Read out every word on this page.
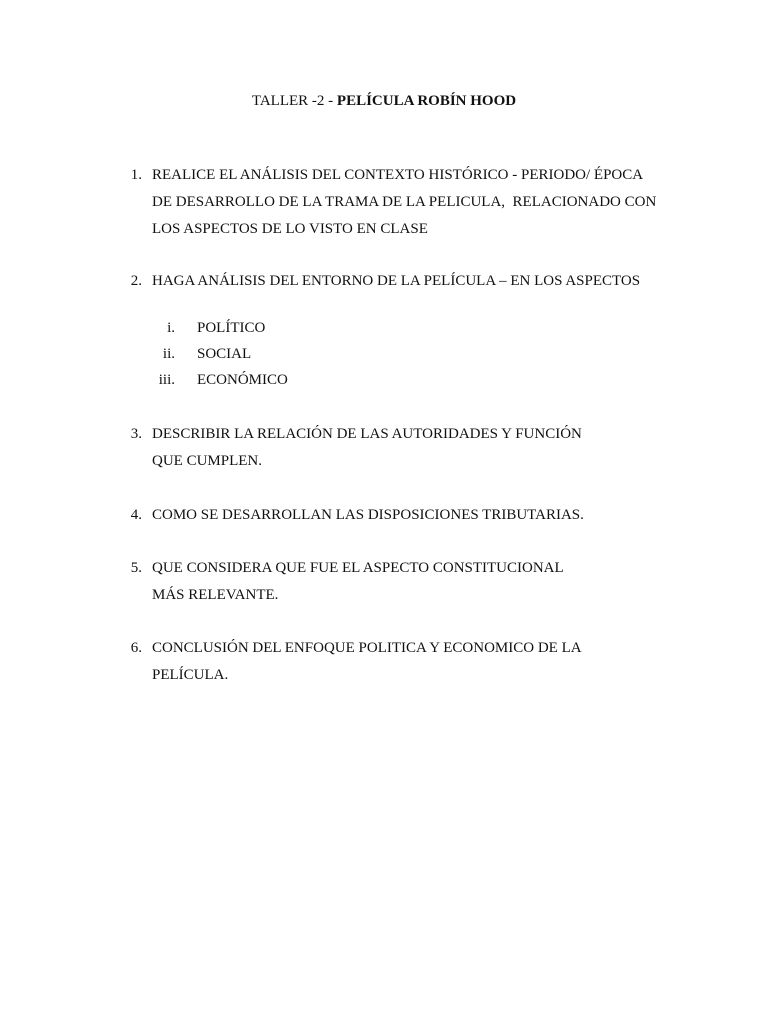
TALLER -2 - PELÍCULA ROBÍN HOOD
1. REALICE EL ANÁLISIS DEL CONTEXTO HISTÓRICO - PERIODO/ ÉPOCA
DE DESARROLLO DE LA TRAMA DE LA PELICULA,  RELACIONADO CON
LOS ASPECTOS DE LO VISTO EN CLASE
2. HAGA ANÁLISIS DEL ENTORNO DE LA PELÍCULA – EN LOS ASPECTOS
i. POLÍTICO
ii. SOCIAL
iii. ECONÓMICO
3. DESCRIBIR LA RELACIÓN DE LAS AUTORIDADES Y FUNCIÓN
QUE CUMPLEN.
4. COMO SE DESARROLLAN LAS DISPOSICIONES TRIBUTARIAS.
5. QUE CONSIDERA QUE FUE EL ASPECTO CONSTITUCIONAL
MÁS RELEVANTE.
6. CONCLUSIÓN DEL ENFOQUE POLITICA Y ECONOMICO DE LA
PELÍCULA.
